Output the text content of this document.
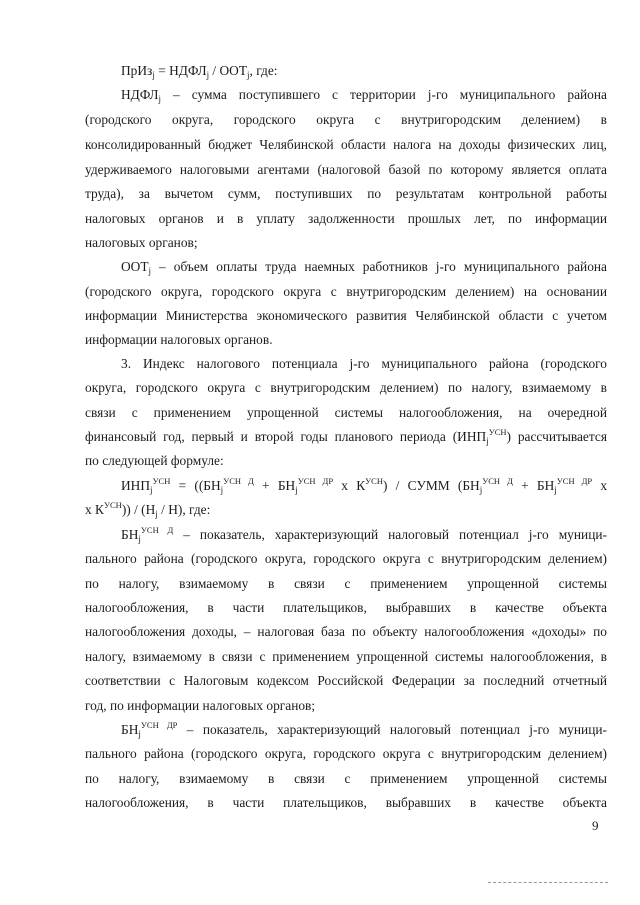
ПрИз$_j$ = $НДФЛ_j / ООТ_j$, где:
$НДФЛ_j$ – сумма поступившего с территории j-го муниципального района
(городского округа, городского округа с внутригородским делением) в
консолидированный бюджет Челябинской области налога на доходы физических лиц,
удерживаемого налоговыми агентами (налоговой базой по которому является оплата
труда), за вычетом сумм, поступивших по результатам контрольной работы
налоговых органов и в уплату задолженности прошлых лет, по информации
налоговых органов;
$ООТ_j$ – объем оплаты труда наемных работников j-го муниципального района
(городского округа, городского округа с внутригородским делением) на основании
информации Министерства экономического развития Челябинской области с учетом
информации налоговых органов.
3. Индекс налогового потенциала j-го муниципального района (городского
округа, городского округа с внутригородским делением) по налогу, взимаемому в
связи с применением упрощенной системы налогообложения, на очередной
финансовый год, первый и второй годы планового периода $(ИНП_j^{УСН})$ рассчитывается
по следующей формуле:
$ИНП_j^{УСН} = ((БН_j^{УСН Д} + БН_j^{УСН ДР}$ x $К^{УСН}$) / СУММ ($БН_j^{УСН Д} + БН_j^{УСН ДР}$ x
x $К^{УСН})) / (Н_j / Н)$, где:
$БН_j^{УСН Д}$ – показатель, характеризующий налоговый потенциал j-го муници-
пального района (городского округа, городского округа с внутригородским делением)
по налогу, взимаемому в связи с применением упрощенной системы
налогообложения, в части плательщиков, выбравших в качестве объекта
налогообложения доходы, – налоговая база по объекту налогообложения «доходы» по
налогу, взимаемому в связи с применением упрощенной системы налогообложения, в
соответствии с Налоговым кодексом Российской Федерации за последний отчетный
год, по информации налоговых органов;
$БН_j^{УСН ДР}$ – показатель, характеризующий налоговый потенциал j-го муници-
пального района (городского округа, городского округа с внутригородским делением)
по налогу, взимаемому в связи с применением упрощенной системы
налогообложения, в части плательщиков, выбравших в качестве объекта
9
